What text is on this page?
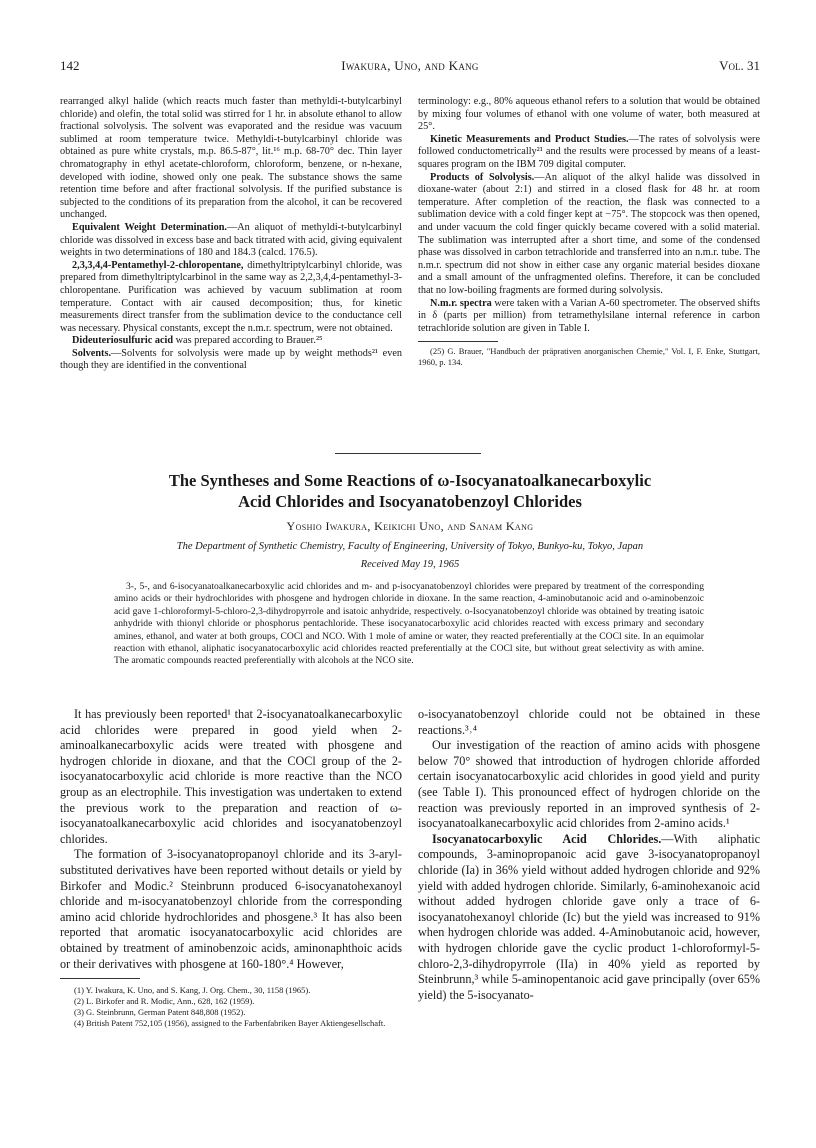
142	Iwakura, Uno, and Kang	Vol. 31

rearranged alkyl halide (which reacts much faster than methyldi-t-butylcarbinyl chloride) and olefin, the total solid was stirred for 1 hr. in absolute ethanol to allow fractional solvolysis. The solvent was evaporated and the residue was vacuum sublimed at room temperature twice. Methyldi-t-butylcarbinyl chloride was obtained as pure white crystals, m.p. 86.5-87°, lit.¹⁶ m.p. 68-70° dec. Thin layer chromatography in ethyl acetate-chloroform, chloroform, benzene, or n-hexane, developed with iodine, showed only one peak. The substance shows the same retention time before and after fractional solvolysis. If the purified substance is subjected to the conditions of its preparation from the alcohol, it can be recovered unchanged.

Equivalent Weight Determination.—An aliquot of methyldi-t-butylcarbinyl chloride was dissolved in excess base and back titrated with acid, giving equivalent weights in two determinations of 180 and 184.3 (calcd. 176.5).

2,3,3,4,4-Pentamethyl-2-chloropentane, dimethyltriptylcarbinyl chloride, was prepared from dimethyltriptylcarbinol in the same way as 2,2,3,4,4-pentamethyl-3-chloropentane. Purification was achieved by vacuum sublimation at room temperature. Contact with air caused decomposition; thus, for kinetic measurements direct transfer from the sublimation device to the conductance cell was necessary. Physical constants, except the n.m.r. spectrum, were not obtained.

Dideuteriosulfuric acid was prepared according to Brauer.²⁵

Solvents.—Solvents for solvolysis were made up by weight methods²¹ even though they are identified in the conventional

terminology: e.g., 80% aqueous ethanol refers to a solution that would be obtained by mixing four volumes of ethanol with one volume of water, both measured at 25°.

Kinetic Measurements and Product Studies.—The rates of solvolysis were followed conductometrically²¹ and the results were processed by means of a least-squares program on the IBM 709 digital computer.

Products of Solvolysis.—An aliquot of the alkyl halide was dissolved in dioxane-water (about 2:1) and stirred in a closed flask for 48 hr. at room temperature. After completion of the reaction, the flask was connected to a sublimation device with a cold finger kept at −75°. The stopcock was then opened, and under vacuum the cold finger quickly became covered with a solid material. The sublimation was interrupted after a short time, and some of the condensed phase was dissolved in carbon tetrachloride and transferred into an n.m.r. tube. The n.m.r. spectrum did not show in either case any organic material besides dioxane and a small amount of the unfragmented olefins. Therefore, it can be concluded that no low-boiling fragments are formed during solvolysis.

N.m.r. spectra were taken with a Varian A-60 spectrometer. The observed shifts in δ (parts per million) from tetramethylsilane internal reference in carbon tetrachloride solution are given in Table I.

(25) G. Brauer, "Handbuch der präprativen anorganischen Chemie," Vol. I, F. Enke, Stuttgart, 1960, p. 134.

The Syntheses and Some Reactions of ω-Isocyanatoalkanecarboxylic
Acid Chlorides and Isocyanatobenzoyl Chlorides
Yoshio Iwakura, Keikichi Uno, and Sanam Kang
The Department of Synthetic Chemistry, Faculty of Engineering, University of Tokyo, Bunkyo-ku, Tokyo, Japan
Received May 19, 1965
3-, 5-, and 6-isocyanatoalkanecarboxylic acid chlorides and m- and p-isocyanatobenzoyl chlorides were prepared by treatment of the corresponding amino acids or their hydrochlorides with phosgene and hydrogen chloride in dioxane. In the same reaction, 4-aminobutanoic acid and o-aminobenzoic acid gave 1-chloroformyl-5-chloro-2,3-dihydropyrrole and isatoic anhydride, respectively. o-Isocyanatobenzoyl chloride was obtained by treating isatoic anhydride with thionyl chloride or phosphorus pentachloride. These isocyanatocarboxylic acid chlorides reacted with excess primary and secondary amines, ethanol, and water at both groups, COCl and NCO. With 1 mole of amine or water, they reacted preferentially at the COCl site. In an equimolar reaction with ethanol, aliphatic isocyanatocarboxylic acid chlorides reacted preferentially at the COCl site, but without great selectivity as with amine. The aromatic compounds reacted preferentially with alcohols at the NCO site.

It has previously been reported¹ that 2-isocyanatoalkanecarboxylic acid chlorides were prepared in good yield when 2-aminoalkanecarboxylic acids were treated with phosgene and hydrogen chloride in dioxane, and that the COCl group of the 2-isocyanatocarboxylic acid chloride is more reactive than the NCO group as an electrophile. This investigation was undertaken to extend the previous work to the preparation and reaction of ω-isocyanatoalkanecarboxylic acid chlorides and isocyanatobenzoyl chlorides.

The formation of 3-isocyanatopropanoyl chloride and its 3-aryl-substituted derivatives have been reported without details or yield by Birkofer and Modic.² Steinbrunn produced 6-isocyanatohexanoyl chloride and m-isocyanatobenzoyl chloride from the corresponding amino acid chloride hydrochlorides and phosgene.³ It has also been reported that aromatic isocyanatocarboxylic acid chlorides are obtained by treatment of aminobenzoic acids, aminonaphthoic acids or their derivatives with phosgene at 160-180°.⁴ However,

(1) Y. Iwakura, K. Uno, and S. Kang, J. Org. Chem., 30, 1158 (1965).

(2) L. Birkofer and R. Modic, Ann., 628, 162 (1959).

(3) G. Steinbrunn, German Patent 848,808 (1952).

(4) British Patent 752,105 (1956), assigned to the Farbenfabriken Bayer Aktiengesellschaft.

o-isocyanatobenzoyl chloride could not be obtained in these reactions.³˒⁴

Our investigation of the reaction of amino acids with phosgene below 70° showed that introduction of hydrogen chloride afforded certain isocyanatocarboxylic acid chlorides in good yield and purity (see Table I). This pronounced effect of hydrogen chloride on the reaction was previously reported in an improved synthesis of 2-isocyanatoalkanecarboxylic acid chlorides from 2-amino acids.¹

Isocyanatocarboxylic Acid Chlorides.—With aliphatic compounds, 3-aminopropanoic acid gave 3-isocyanatopropanoyl chloride (Ia) in 36% yield without added hydrogen chloride and 92% yield with added hydrogen chloride. Similarly, 6-aminohexanoic acid without added hydrogen chloride gave only a trace of 6-isocyanatohexanoyl chloride (Ic) but the yield was increased to 91% when hydrogen chloride was added. 4-Aminobutanoic acid, however, with hydrogen chloride gave the cyclic product 1-chloroformyl-5-chloro-2,3-dihydropyrrole (IIa) in 40% yield as reported by Steinbrunn,³ while 5-aminopentanoic acid gave principally (over 65% yield) the 5-isocyanato-
